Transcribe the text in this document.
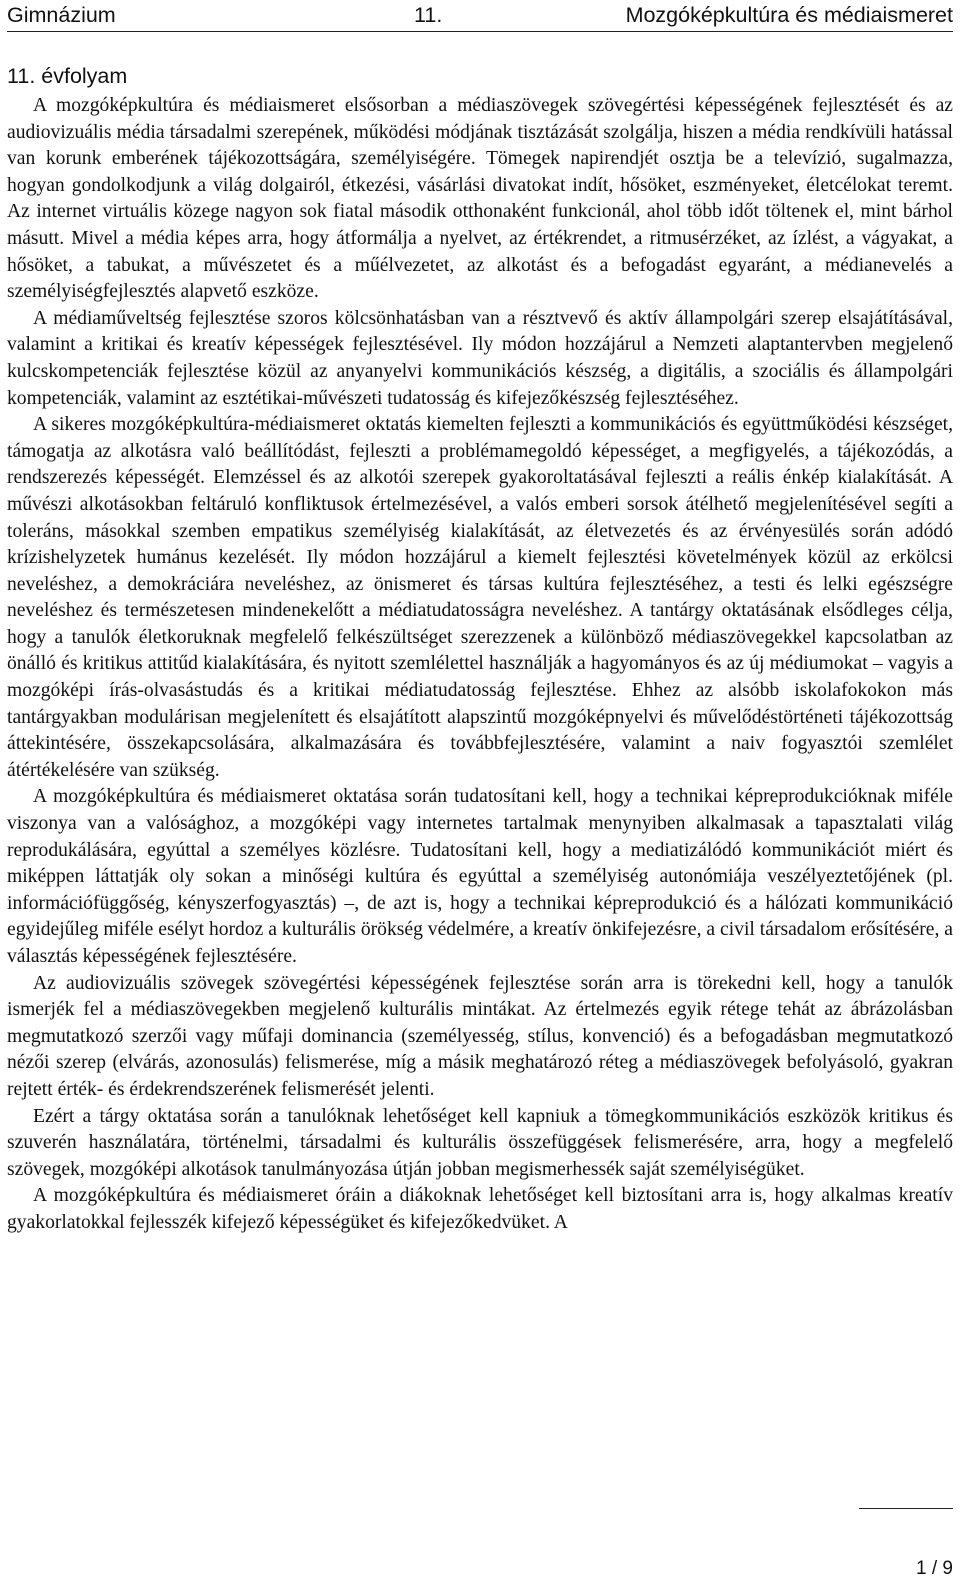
Gimnázium	11.	Mozgóképkultúra és médiaismeret
11. évfolyam

A mozgóképkultúra és médiaismeret elsősorban a médiaszövegek szövegértési képességének fejlesztését és az audiovizuális média társadalmi szerepének, működési módjának tisztázását szolgálja, hiszen a média rendkívüli hatással van korunk emberének tájékozottságára, személyiségére. Tömegek napirendjét osztja be a televízió, sugalmazza, hogyan gondolkodjunk a világ dolgairól, étkezési, vásárlási divatokat indít, hősöket, eszményeket, életcélokat teremt. Az internet virtuális közege nagyon sok fiatal második otthonaként funkcionál, ahol több időt töltenek el, mint bárhol másutt. Mivel a média képes arra, hogy átformálja a nyelvet, az értékrendet, a ritmusérzéket, az ízlést, a vágyakat, a hősöket, a tabukat, a művészetet és a műélvezetet, az alkotást és a befogadást egyaránt, a médianevelés a személyiségfejlesztés alapvető eszköze.

A médiaműveltség fejlesztése szoros kölcsönhatásban van a résztvevő és aktív állampolgári szerep elsajátításával, valamint a kritikai és kreatív képességek fejlesztésével. Ily módon hozzájárul a Nemzeti alaptantervben megjelenő kulcskompetenciák fejlesztése közül az anyanyelvi kommunikációs készség, a digitális, a szociális és állampolgári kompetenciák, valamint az esztétikai-művészeti tudatosság és kifejezőkészség fejlesztéséhez.

A sikeres mozgóképkultúra-médiaismeret oktatás kiemelten fejleszti a kommunikációs és együttműködési készséget, támogatja az alkotásra való beállítódást, fejleszti a problémamegoldó képességet, a megfigyelés, a tájékozódás, a rendszerezés képességét. Elemzéssel és az alkotói szerepek gyakoroltatásával fejleszti a reális énkép kialakítását. A művészi alkotásokban feltáruló konfliktusok értelmezésével, a valós emberi sorsok átélhető megjelenítésével segíti a toleráns, másokkal szemben empatikus személyiség kialakítását, az életvezetés és az érvényesülés során adódó krízishelyzetek humánus kezelését. Ily módon hozzájárul a kiemelt fejlesztési követelmények közül az erkölcsi neveléshez, a demokráciára neveléshez, az önismeret és társas kultúra fejlesztéséhez, a testi és lelki egészségre neveléshez és természetesen mindenekelőtt a médiatudatosságra neveléshez. A tantárgy oktatásának elsődleges célja, hogy a tanulók életkoruknak megfelelő felkészültséget szerezzenek a különböző médiaszövegekkel kapcsolatban az önálló és kritikus attitűd kialakítására, és nyitott szemlélettel használják a hagyományos és az új médiumokat – vagyis a mozgóképi írás-olvasástudás és a kritikai médiatudatosság fejlesztése. Ehhez az alsóbb iskolafokokon más tantárgyakban modulárisan megjelenített és elsajátított alapszintű mozgóképnyelvi és művelődéstörténeti tájékozottság áttekintésére, összekapcsolására, alkalmazására és továbbfejlesztésére, valamint a naiv fogyasztói szemlélet átértékelésére van szükség.

A mozgóképkultúra és médiaismeret oktatása során tudatosítani kell, hogy a technikai képreprodukcióknak miféle viszonya van a valósághoz, a mozgóképi vagy internetes tartalmak menynyiben alkalmasak a tapasztalati világ reprodukálására, egyúttal a személyes közlésre. Tudatosítani kell, hogy a mediatizálódó kommunikációt miért és miképpen láttatják oly sokan a minőségi kultúra és egyúttal a személyiség autonómiája veszélyeztetőjének (pl. információfüggőség, kényszerfogyasztás) –, de azt is, hogy a technikai képreprodukció és a hálózati kommunikáció egyidejűleg miféle esélyt hordoz a kulturális örökség védelmére, a kreatív önkifejezésre, a civil társadalom erősítésére, a választás képességének fejlesztésére.

Az audiovizuális szövegek szövegértési képességének fejlesztése során arra is törekedni kell, hogy a tanulók ismerjék fel a médiaszövegekben megjelenő kulturális mintákat. Az értelmezés egyik rétege tehát az ábrázolásban megmutatkozó szerzői vagy műfaji dominancia (személyesség, stílus, konvenció) és a befogadásban megmutatkozó nézői szerep (elvárás, azonosulás) felismerése, míg a másik meghatározó réteg a médiaszövegek befolyásoló, gyakran rejtett érték- és érdekrendszerének felismerését jelenti.

Ezért a tárgy oktatása során a tanulóknak lehetőséget kell kapniuk a tömegkommunikációs eszközök kritikus és szuverén használatára, történelmi, társadalmi és kulturális összefüggések felismerésére, arra, hogy a megfelelő szövegek, mozgóképi alkotások tanulmányozása útján jobban megismerhessék saját személyiségüket.

A mozgóképkultúra és médiaismeret óráin a diákoknak lehetőséget kell biztosítani arra is, hogy alkalmas kreatív gyakorlatokkal fejlesszék kifejező képességüket és kifejezőkedvüket. A

1 / 9
